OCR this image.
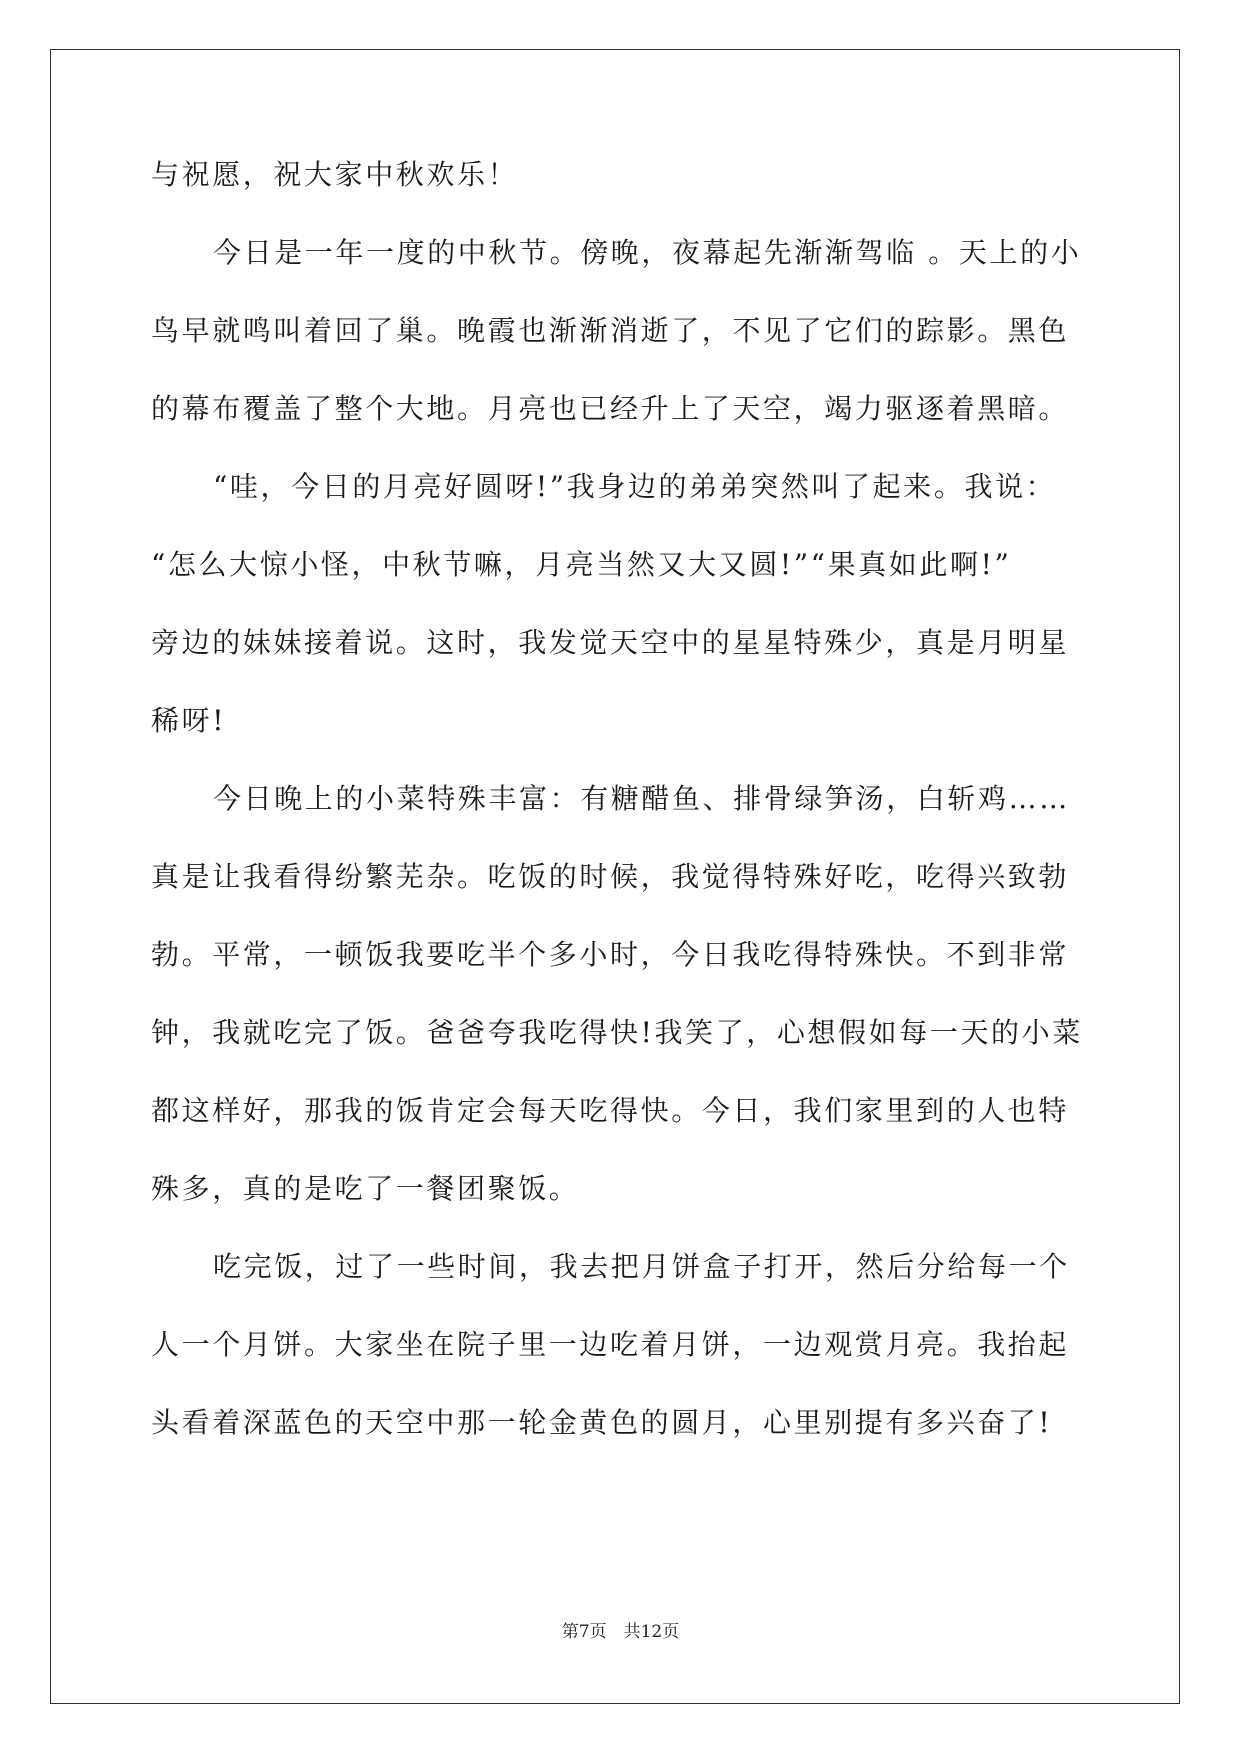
与祝愿，祝大家中秋欢乐！
今日是一年一度的中秋节。傍晚，夜幕起先渐渐驾临 。天上的小
鸟早就鸣叫着回了巢。晚霞也渐渐消逝了，不见了它们的踪影。黑色
的幕布覆盖了整个大地。月亮也已经升上了天空，竭力驱逐着黑暗。
“哇，今日的月亮好圆呀!”我身边的弟弟突然叫了起来。我说：
“怎么大惊小怪，中秋节嘛，月亮当然又大又圆!”“果真如此啊!”
旁边的妹妹接着说。这时，我发觉天空中的星星特殊少，真是月明星
稀呀!
今日晚上的小菜特殊丰富：有糖醋鱼、排骨绿笋汤，白斩鸡……
真是让我看得纷繁芜杂。吃饭的时候，我觉得特殊好吃，吃得兴致勃
勃。平常，一顿饭我要吃半个多小时，今日我吃得特殊快。不到非常
钟，我就吃完了饭。爸爸夸我吃得快!我笑了，心想假如每一天的小菜
都这样好，那我的饭肯定会每天吃得快。今日，我们家里到的人也特
殊多，真的是吃了一餐团聚饭。
吃完饭，过了一些时间，我去把月饼盒子打开，然后分给每一个
人一个月饼。大家坐在院子里一边吃着月饼，一边观赏月亮。我抬起
头看着深蓝色的天空中那一轮金黄色的圆月，心里别提有多兴奋了!
第7页　共12页
